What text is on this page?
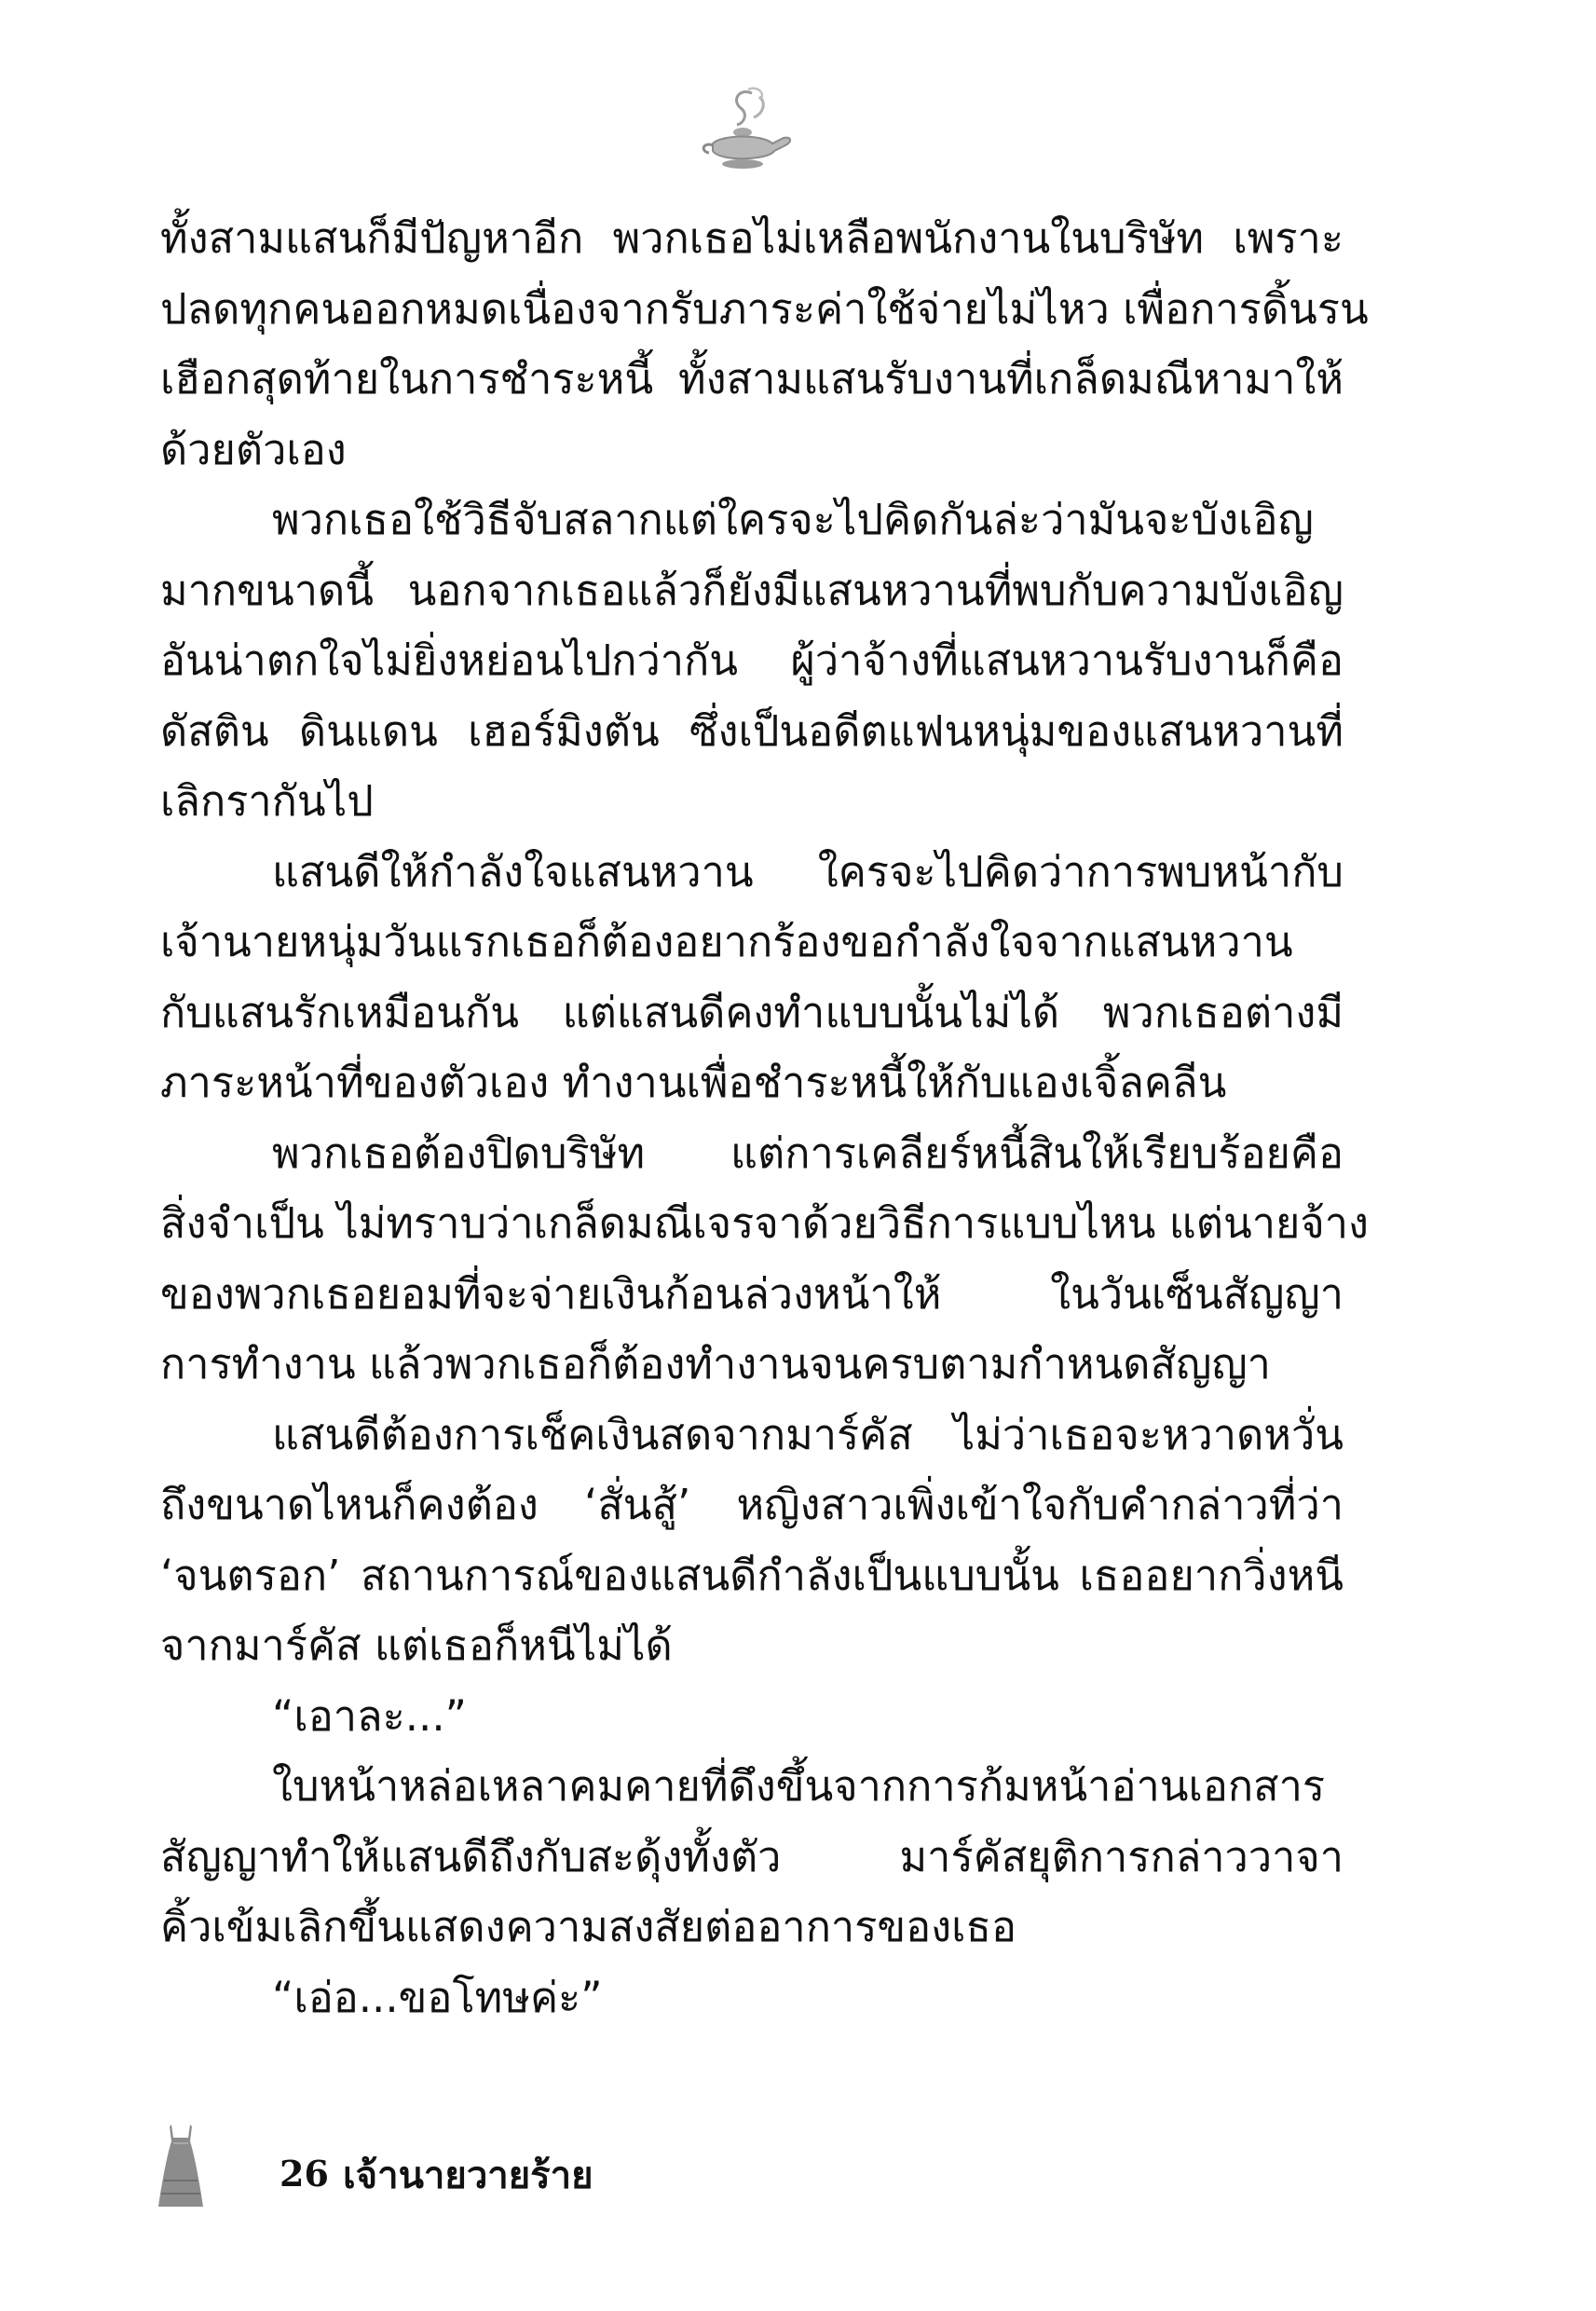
ทั้งสามแสนก็มีปัญหาอีก พวกเธอไม่เหลือพนักงานในบริษัท เพราะ
ปลดทุกคนออกหมดเนื่องจากรับภาระค่าใช้จ่ายไม่ไหว เพื่อการดิ้นรน
เฮือกสุดท้ายในการชำระหนี้ ทั้งสามแสนรับงานที่เกล็ดมณีหามาให้
ด้วยตัวเอง
พวกเธอใช้วิธีจับสลากแต่ใครจะไปคิดกันล่ะว่ามันจะบังเอิญ
มากขนาดนี้ นอกจากเธอแล้วก็ยังมีแสนหวานที่พบกับความบังเอิญ
อันน่าตกใจไม่ยิ่งหย่อนไปกว่ากัน ผู้ว่าจ้างที่แสนหวานรับงานก็คือ
ดัสติน ดินแดน เฮอร์มิงตัน ซึ่งเป็นอดีตแฟนหนุ่มของแสนหวานที่
เลิกรากันไป
แสนดีให้กำลังใจแสนหวาน ใครจะไปคิดว่าการพบหน้ากับ
เจ้านายหนุ่มวันแรกเธอก็ต้องอยากร้องขอกำลังใจจากแสนหวาน
กับแสนรักเหมือนกัน แต่แสนดีคงทำแบบนั้นไม่ได้ พวกเธอต่างมี
ภาระหน้าที่ของตัวเอง ทำงานเพื่อชำระหนี้ให้กับแองเจิ้ลคลีน
พวกเธอต้องปิดบริษัท แต่การเคลียร์หนี้สินให้เรียบร้อยคือ
สิ่งจำเป็น ไม่ทราบว่าเกล็ดมณีเจรจาด้วยวิธีการแบบไหน แต่นายจ้าง
ของพวกเธอยอมที่จะจ่ายเงินก้อนล่วงหน้าให้ ในวันเซ็นสัญญา
การทำงาน แล้วพวกเธอก็ต้องทำงานจนครบตามกำหนดสัญญา
แสนดีต้องการเช็คเงินสดจากมาร์คัส ไม่ว่าเธอจะหวาดหวั่น
ถึงขนาดไหนก็คงต้อง ‘สั่นสู้’ หญิงสาวเพิ่งเข้าใจกับคำกล่าวที่ว่า
‘จนตรอก’ สถานการณ์ของแสนดีกำลังเป็นแบบนั้น เธออยากวิ่งหนี
จากมาร์คัส แต่เธอก็หนีไม่ได้
“เอาละ...”
ใบหน้าหล่อเหลาคมคายที่ดึงขึ้นจากการก้มหน้าอ่านเอกสาร
สัญญาทำให้แสนดีถึงกับสะดุ้งทั้งตัว มาร์คัสยุติการกล่าววาจา
คิ้วเข้มเลิกขึ้นแสดงความสงสัยต่ออาการของเธอ
“เอ่อ...ขอโทษค่ะ”
26 เจ้านายวายร้าย
